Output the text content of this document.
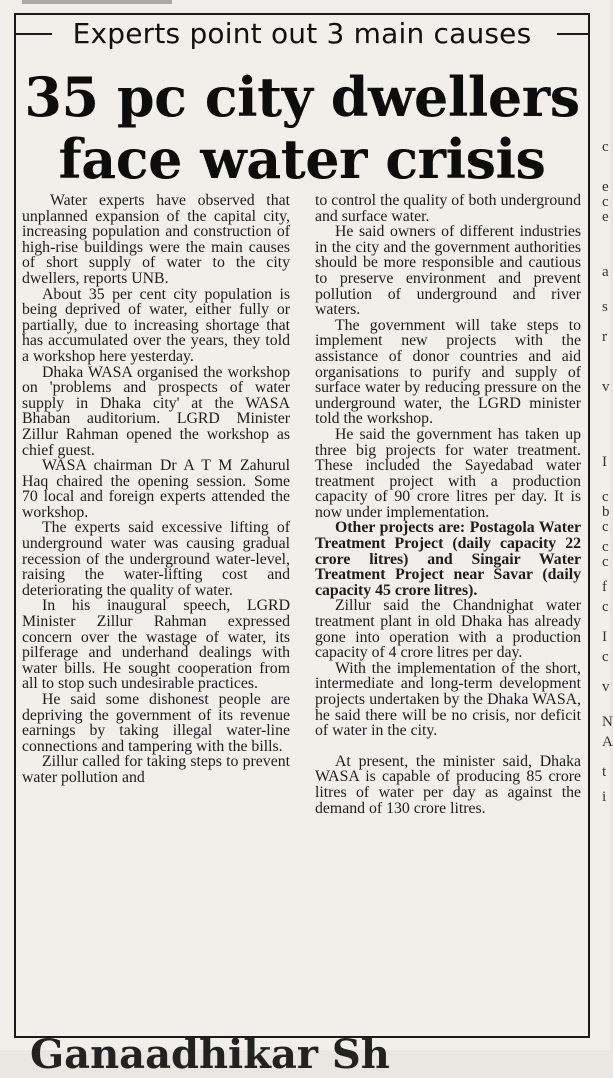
Experts point out 3 main causes
35 pc city dwellers
face water crisis

Water experts have observed that unplanned expansion of the capital city, increasing population and construction of high-rise buildings were the main causes of short supply of water to the city dwellers, reports UNB.

About 35 per cent city population is being deprived of water, either fully or partially, due to increasing shortage that has accumulated over the years, they told a workshop here yesterday.

Dhaka WASA organised the workshop on 'problems and prospects of water supply in Dhaka city' at the WASA Bhaban auditorium. LGRD Minister Zillur Rahman opened the workshop as chief guest.

WASA chairman Dr A T M Zahurul Haq chaired the opening session. Some 70 local and foreign experts attended the workshop.

The experts said excessive lifting of underground water was causing gradual recession of the underground water-level, raising the water-lifting cost and deteriorating the quality of water.

In his inaugural speech, LGRD Minister Zillur Rahman expressed concern over the wastage of water, its pilferage and underhand dealings with water bills. He sought cooperation from all to stop such undesirable practices.

He said some dishonest people are depriving the government of its revenue earnings by taking illegal water-line connections and tampering with the bills.

Zillur called for taking steps to prevent water pollution and

to control the quality of both underground and surface water.

He said owners of different industries in the city and the government authorities should be more responsible and cautious to preserve environment and prevent pollution of underground and river waters.

The government will take steps to implement new projects with the assistance of donor countries and aid organisations to purify and supply of surface water by reducing pressure on the underground water, the LGRD minister told the workshop.

He said the government has taken up three big projects for water treatment. These included the Sayedabad water treatment project with a production capacity of 90 crore litres per day. It is now under implementation.

Other projects are: Postagola Water Treatment Project (daily capacity 22 crore litres) and Singair Water Treatment Project near Savar (daily capacity 45 crore litres).

Zillur said the Chandnighat water treatment plant in old Dhaka has already gone into operation with a production capacity of 4 crore litres per day.

With the implementation of the short, intermediate and long-term development projects undertaken by the Dhaka WASA, he said there will be no crisis, nor deficit of water in the city.

At present, the minister said, Dhaka WASA is capable of producing 85 crore litres of water per day as against the demand of 130 crore litres.

c
e
c
e
a
s
r
v
I
c
b
c
c
c
f
c
I
c
v
N
A
t
i
Ganaadhikar Sh
